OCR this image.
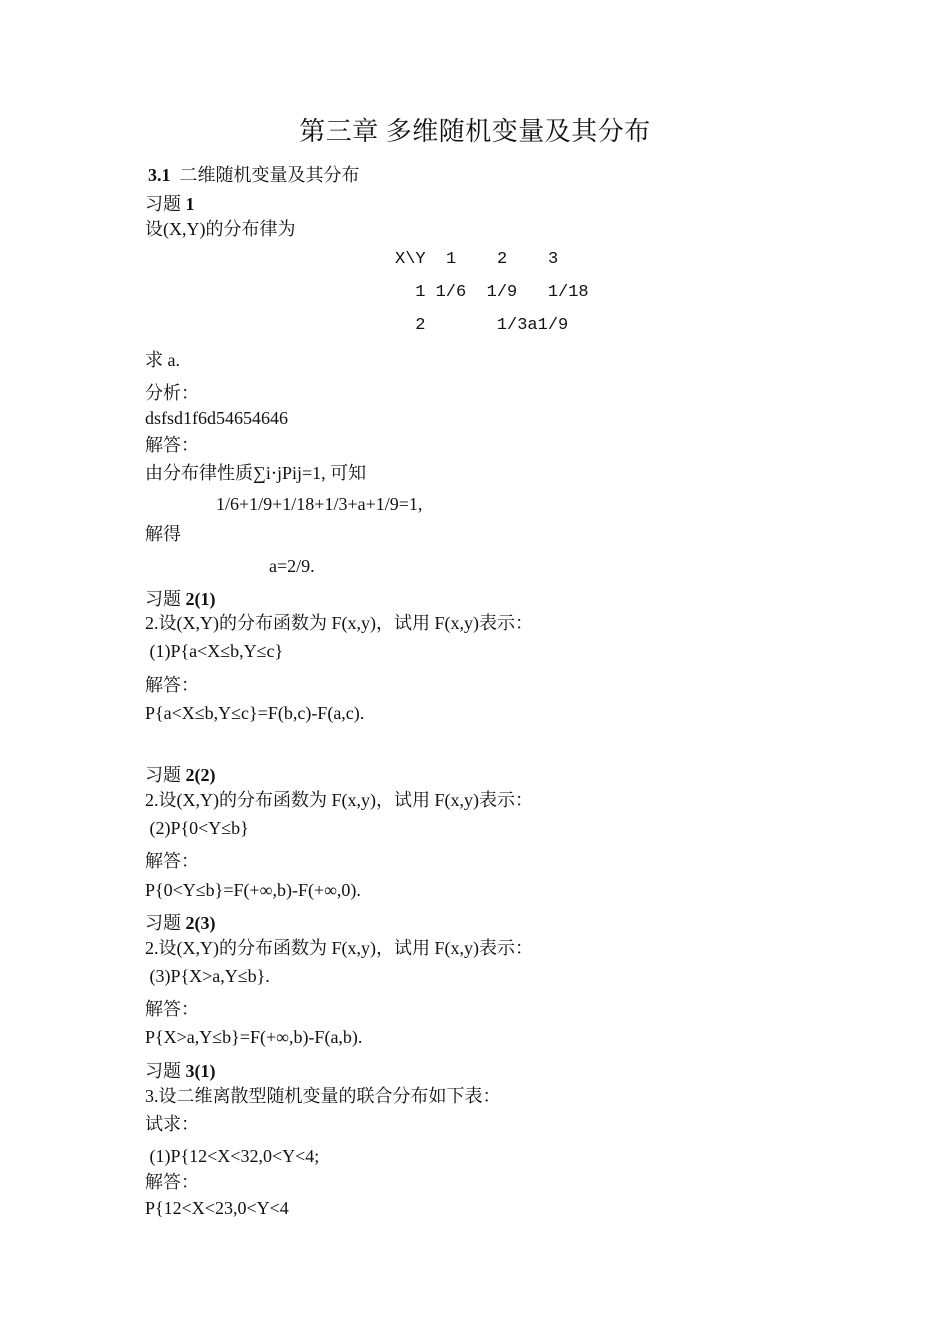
第三章 多维随机变量及其分布
3.1 二维随机变量及其分布
习题 1
设(X,Y)的分布律为
X\Y  1    2    3
1 1/6  1/9   1/18
2       1/3a1/9
求 a.
分析：
dsfsd1f6d54654646
解答：
由分布律性质∑i⋅jPij=1, 可知
1/6+1/9+1/18+1/3+a+1/9=1,
解得
a=2/9.
习题 2(1)
2.设(X,Y)的分布函数为 F(x,y)，试用 F(x,y)表示：
(1)P{a<X≤b,Y≤c}
解答：
P{a<X≤b,Y≤c}=F(b,c)-F(a,c).
习题 2(2)
2.设(X,Y)的分布函数为 F(x,y)，试用 F(x,y)表示：
(2)P{0<Y≤b}
解答：
P{0<Y≤b}=F(+∞,b)-F(+∞,0).
习题 2(3)
2.设(X,Y)的分布函数为 F(x,y)，试用 F(x,y)表示：
(3)P{X>a,Y≤b}.
解答：
P{X>a,Y≤b}=F(+∞,b)-F(a,b).
习题 3(1)
3.设二维离散型随机变量的联合分布如下表：
试求：
(1)P{12<X<32,0<Y<4;
解答：
P{12<X<23,0<Y<4
